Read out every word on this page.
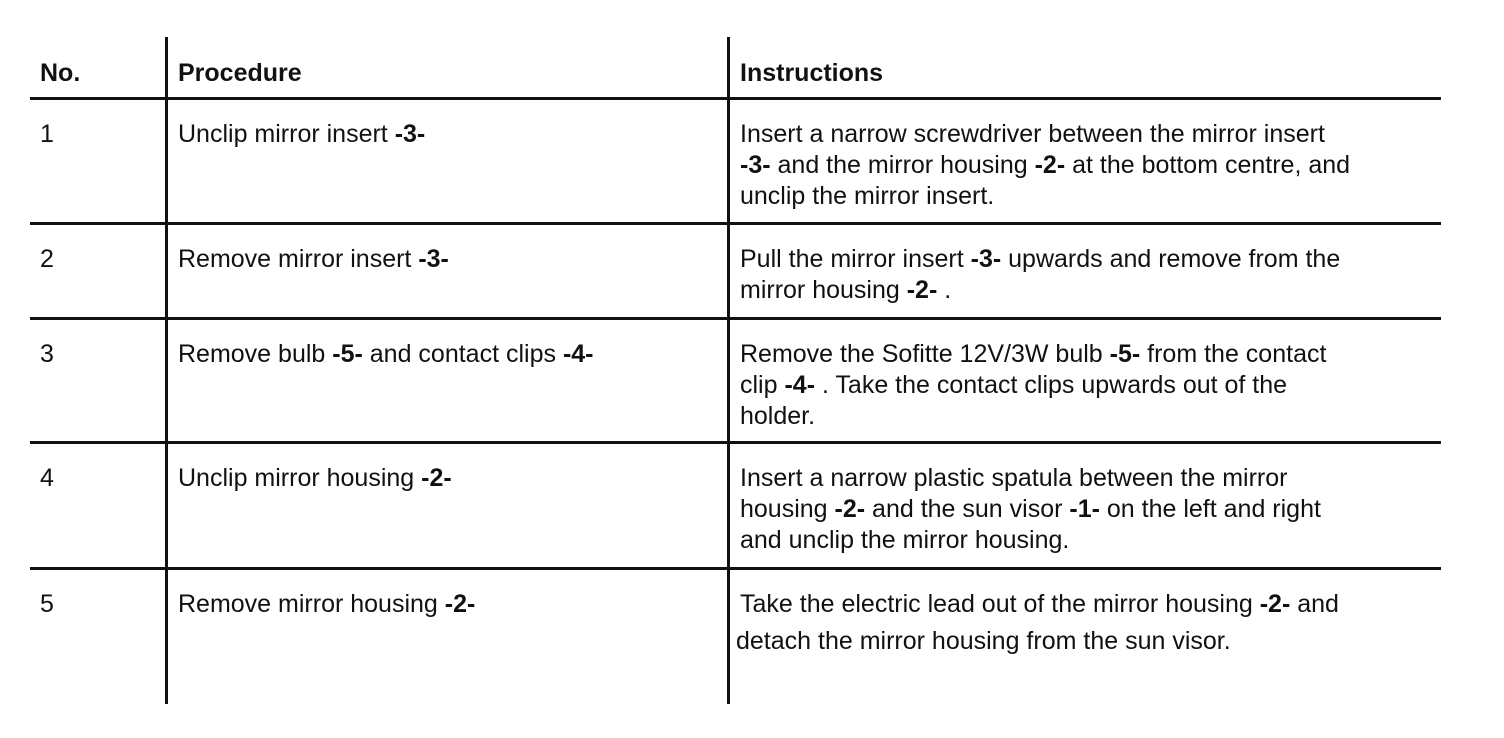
No.	Procedure	Instructions
1	Unclip mirror insert -3-	Insert a narrow screwdriver between the mirror insert
-3- and the mirror housing -2- at the bottom centre, and
unclip the mirror insert.
2	Remove mirror insert -3-	Pull the mirror insert -3- upwards and remove from the
mirror housing -2- .
3	Remove bulb -5- and contact clips -4-	Remove the Sofitte 12V/3W bulb -5- from the contact
clip -4- . Take the contact clips upwards out of the
holder.
4	Unclip mirror housing -2-	Insert a narrow plastic spatula between the mirror
housing -2- and the sun visor -1- on the left and right
and unclip the mirror housing.
5	Remove mirror housing -2-	Take the electric lead out of the mirror housing -2- and
detach the mirror housing from the sun visor.
